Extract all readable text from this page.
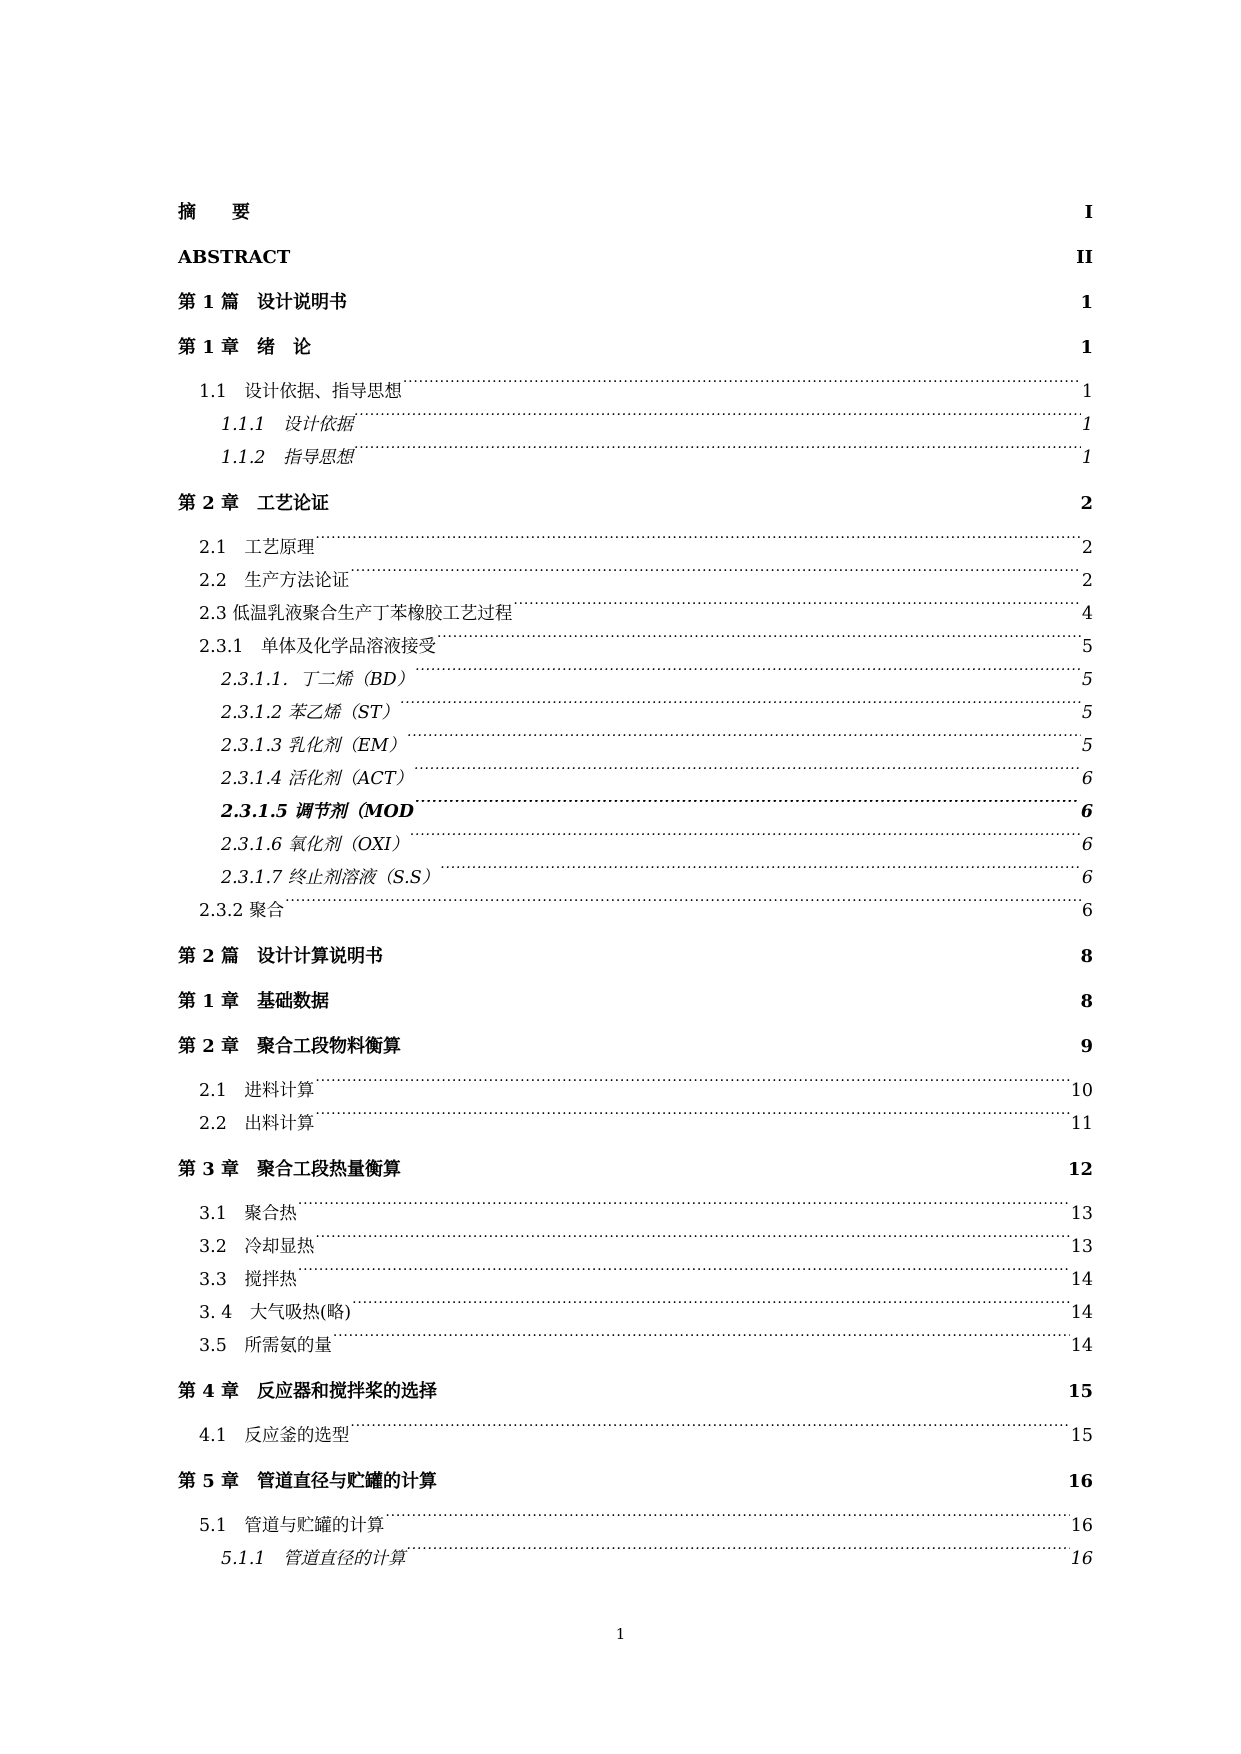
摘　　要 .....	I
ABSTRACT .....	II
第 1 篇　设计说明书 .....	1
第 1 章　绪　论 .....	1
1.1　设计依据、指导思想 .....	1
1.1.1　设计依据 .....	1
1.1.2　指导思想 .....	1
第 2 章　工艺论证 .....	2
2.1　工艺原理 .....	2
2.2　生产方法论证 .....	2
2.3 低温乳液聚合生产丁苯橡胶工艺过程 .....	4
2.3.1　单体及化学品溶液接受 .....	5
2.3.1.1．丁二烯（BD） .....	5
2.3.1.2 苯乙烯（ST） .....	5
2.3.1.3 乳化剂（EM） .....	5
2.3.1.4 活化剂（ACT） .....	6
2.3.1.5 调节剂（MOD .....	6
2.3.1.6 氧化剂（OXI） .....	6
2.3.1.7 终止剂溶液（S.S） .....	6
2.3.2 聚合 .....	6
第 2 篇　设计计算说明书 .....	8
第 1 章　基础数据 .....	8
第 2 章　聚合工段物料衡算 .....	9
2.1　进料计算 .....	10
2.2　出料计算 .....	11
第 3 章　聚合工段热量衡算 .....	12
3.1　聚合热 .....	13
3.2　冷却显热 .....	13
3.3　搅拌热 .....	14
3. 4　大气吸热(略) .....	14
3.5　所需氨的量 .....	14
第 4 章　反应器和搅拌桨的选择 .....	15
4.1　反应釜的选型 .....	15
第 5 章　管道直径与贮罐的计算 .....	16
5.1　管道与贮罐的计算 .....	16
5.1.1　管道直径的计算 .....	16
1
